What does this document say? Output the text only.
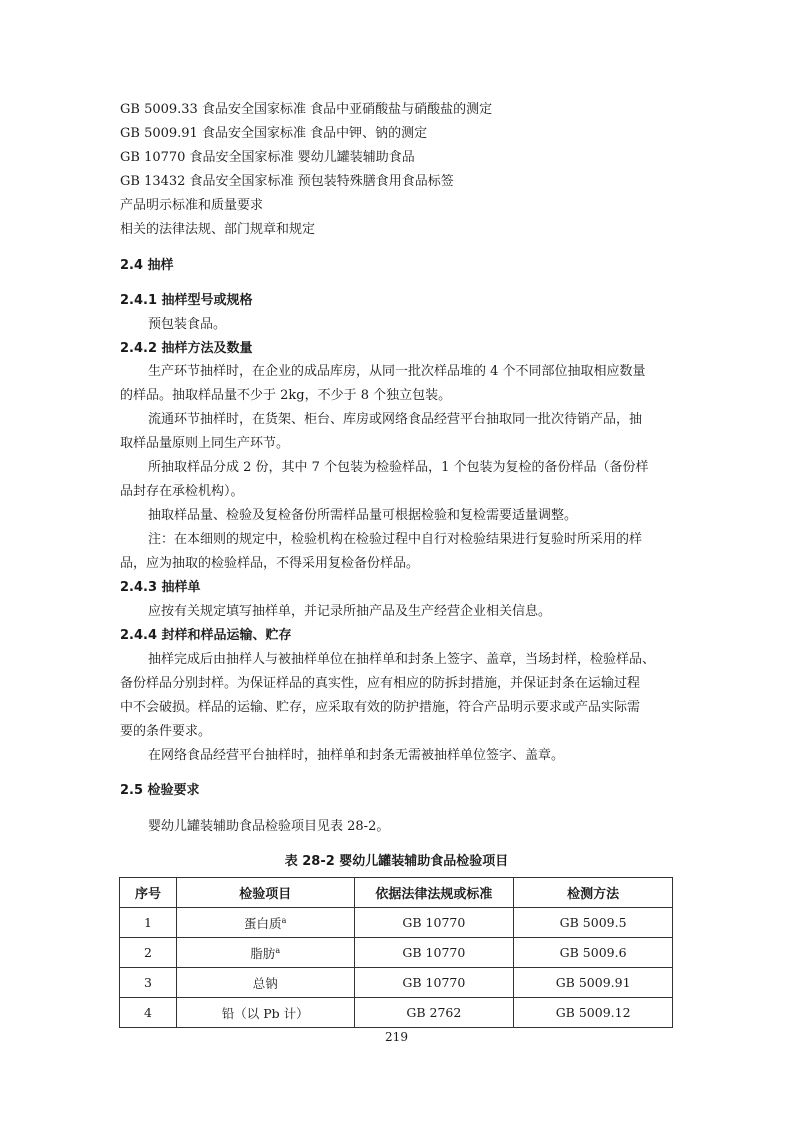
GB 5009.33 食品安全国家标准 食品中亚硝酸盐与硝酸盐的测定
GB 5009.91 食品安全国家标准 食品中钾、钠的测定
GB 10770 食品安全国家标准 婴幼儿罐装辅助食品
GB 13432 食品安全国家标准 预包装特殊膳食用食品标签
产品明示标准和质量要求
相关的法律法规、部门规章和规定
2.4 抽样
2.4.1 抽样型号或规格
预包装食品。
2.4.2 抽样方法及数量
生产环节抽样时，在企业的成品库房，从同一批次样品堆的 4 个不同部位抽取相应数量
的样品。抽取样品量不少于 2kg，不少于 8 个独立包装。
流通环节抽样时，在货架、柜台、库房或网络食品经营平台抽取同一批次待销产品，抽
取样品量原则上同生产环节。
所抽取样品分成 2 份，其中 7 个包装为检验样品，1 个包装为复检的备份样品（备份样
品封存在承检机构）。
抽取样品量、检验及复检备份所需样品量可根据检验和复检需要适量调整。
注：在本细则的规定中，检验机构在检验过程中自行对检验结果进行复验时所采用的样
品，应为抽取的检验样品，不得采用复检备份样品。
2.4.3 抽样单
应按有关规定填写抽样单，并记录所抽产品及生产经营企业相关信息。
2.4.4 封样和样品运输、贮存
抽样完成后由抽样人与被抽样单位在抽样单和封条上签字、盖章，当场封样，检验样品、
备份样品分别封样。为保证样品的真实性，应有相应的防拆封措施，并保证封条在运输过程
中不会破损。样品的运输、贮存，应采取有效的防护措施，符合产品明示要求或产品实际需
要的条件要求。
在网络食品经营平台抽样时，抽样单和封条无需被抽样单位签字、盖章。
2.5 检验要求
婴幼儿罐装辅助食品检验项目见表 28-2。
表 28-2 婴幼儿罐装辅助食品检验项目
序号	检验项目	依据法律法规或标准	检测方法
1	蛋白质$^a$	GB 10770	GB 5009.5
2	脂肪$^a$	GB 10770	GB 5009.6
3	总钠	GB 10770	GB 5009.91
4	铅（以 Pb 计）	GB 2762	GB 5009.12
219
